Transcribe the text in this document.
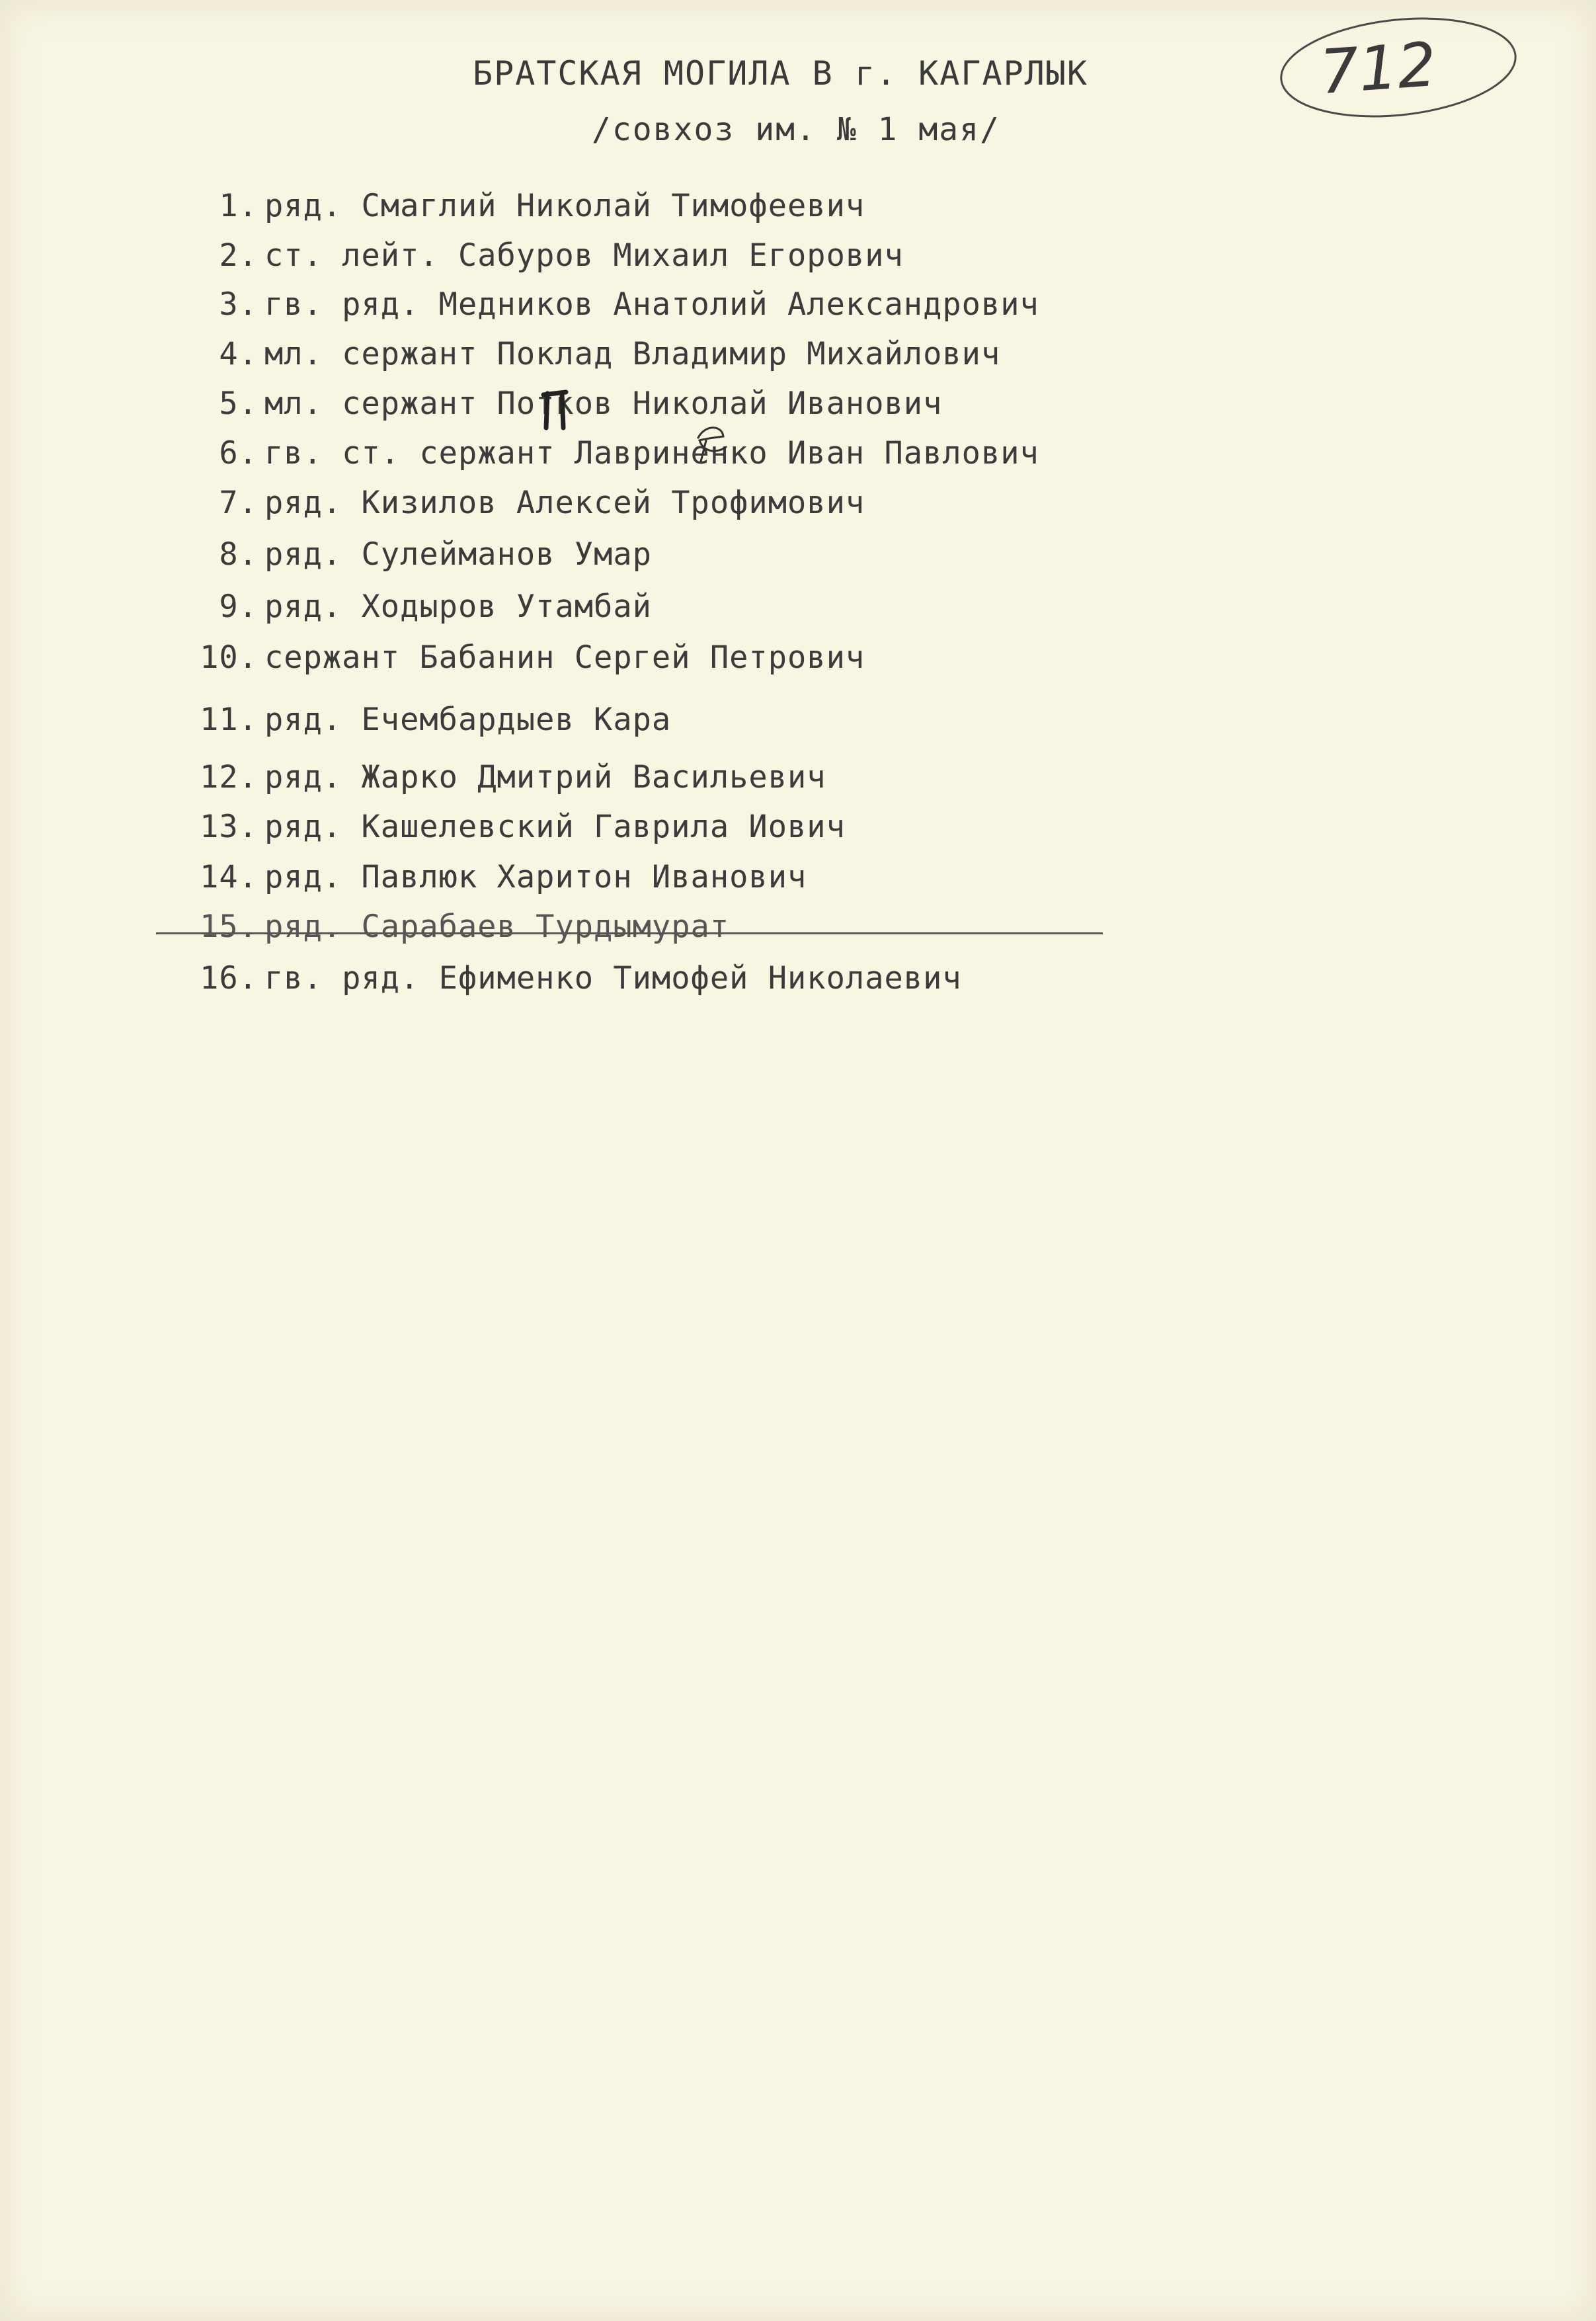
712
БРАТСКАЯ МОГИЛА В г. КАГАРЛЫК
/совхоз им. № 1 мая/
1. ряд. Смаглий Николай Тимофеевич
2. ст. лейт. Сабуров Михаил Егорович
3. гв. ряд. Медников Анатолий Александрович
4. мл. сержант Поклад Владимир Михайлович
5. мл. сержант Потков Николай Иванович
6. гв. ст. сержант Лавриненко Иван Павлович
7. ряд. Кизилов Алексей Трофимович
8. ряд. Сулейманов Умар
9. ряд. Ходыров Утамбай
10. сержант Бабанин Сергей Петрович
11. ряд. Ечембардыев Кара
12. ряд. Жарко Дмитрий Васильевич
13. ряд. Кашелевский Гаврила Иович
14. ряд. Павлюк Харитон Иванович
15. ряд. Сарабаев Турдымурат
16. гв. ряд. Ефименко Тимофей Николаевич
